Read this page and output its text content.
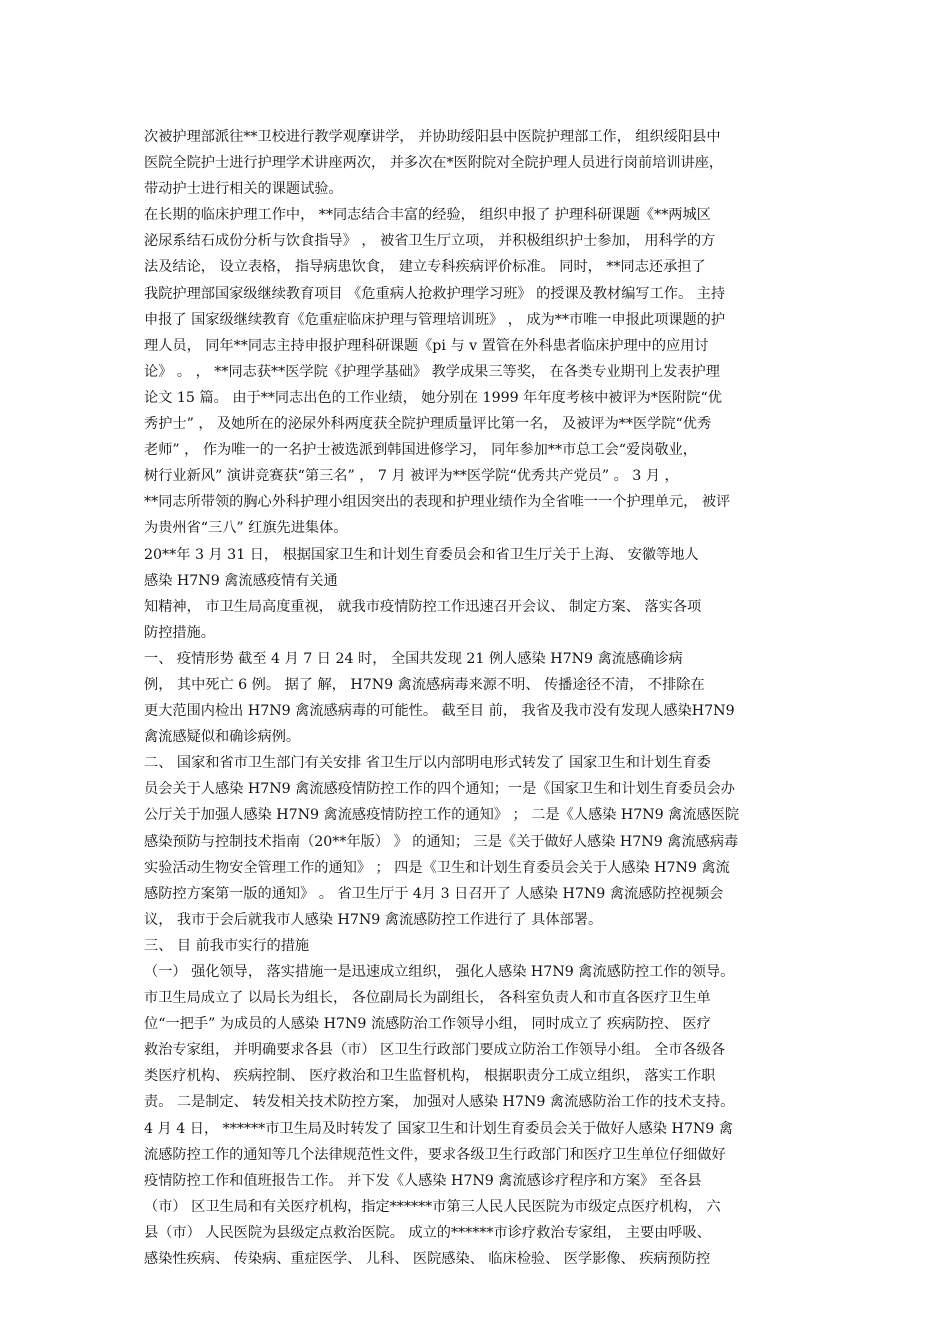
次被护理部派往**卫校进行教学观摩讲学， 并协助绥阳县中医院护理部工作， 组织绥阳县中
医院全院护士进行护理学术讲座两次， 并多次在*医附院对全院护理人员进行岗前培训讲座，
带动护士进行相关的课题试验。
在长期的临床护理工作中， **同志结合丰富的经验， 组织申报了 护理科研课题《**两城区
泌尿系结石成份分析与饮食指导》 ， 被省卫生厅立项， 并积极组织护士参加， 用科学的方
法及结论， 设立表格， 指导病患饮食， 建立专科疾病评价标准。 同时， **同志还承担了
我院护理部国家级继续教育项目 《危重病人抢救护理学习班》 的授课及教材编写工作。 主持
申报了 国家级继续教育《危重症临床护理与管理培训班》 ， 成为**市唯一申报此项课题的护
理人员， 同年**同志主持申报护理科研课题《pi 与 v 置管在外科患者临床护理中的应用讨
论》 。 ， **同志获**医学院《护理学基础》 教学成果三等奖， 在各类专业期刊上发表护理
论文 15 篇。 由于**同志出色的工作业绩， 她分别在 1999 年年度考核中被评为*医附院“优
秀护士” ， 及她所在的泌尿外科两度获全院护理质量评比第一名， 及被评为**医学院“优秀
老师” ， 作为唯一的一名护士被选派到韩国进修学习， 同年参加**市总工会“爱岗敬业，
树行业新风” 演讲竞赛获“第三名” ， 7 月 被评为**医学院“优秀共产党员” 。 3 月 ，
**同志所带领的胸心外科护理小组因突出的表现和护理业绩作为全省唯一一个护理单元， 被评
为贵州省“三八” 红旗先进集体。
20**年 3 月 31 日， 根据国家卫生和计划生育委员会和省卫生厅关于上海、 安徽等地人
感染 H7N9 禽流感疫情有关通
知精神， 市卫生局高度重视， 就我市疫情防控工作迅速召开会议、 制定方案、 落实各项
防控措施。
一、 疫情形势 截至 4 月 7 日 24 时， 全国共发现 21 例人感染 H7N9 禽流感确诊病
例， 其中死亡 6 例。 据了 解， H7N9 禽流感病毒来源不明、 传播途径不清， 不排除在
更大范围内检出 H7N9 禽流感病毒的可能性。 截至目 前， 我省及我市没有发现人感染H7N9
禽流感疑似和确诊病例。
二、 国家和省市卫生部门有关安排 省卫生厅以内部明电形式转发了 国家卫生和计划生育委
员会关于人感染 H7N9 禽流感疫情防控工作的四个通知；一是《国家卫生和计划生育委员会办
公厅关于加强人感染 H7N9 禽流感疫情防控工作的通知》 ； 二是《人感染 H7N9 禽流感医院
感染预防与控制技术指南（20**年版） 》 的通知； 三是《关于做好人感染 H7N9 禽流感病毒
实验活动生物安全管理工作的通知》 ； 四是《卫生和计划生育委员会关于人感染 H7N9 禽流
感防控方案第一版的通知》 。 省卫生厅于 4月 3 日召开了 人感染 H7N9 禽流感防控视频会
议， 我市于会后就我市人感染 H7N9 禽流感防控工作进行了 具体部署。
三、 目 前我市实行的措施
（一） 强化领导， 落实措施一是迅速成立组织， 强化人感染 H7N9 禽流感防控工作的领导。
市卫生局成立了 以局长为组长， 各位副局长为副组长， 各科室负责人和市直各医疗卫生单
位“一把手” 为成员的人感染 H7N9 流感防治工作领导小组， 同时成立了 疾病防控、 医疗
救治专家组， 并明确要求各县（市） 区卫生行政部门要成立防治工作领导小组。 全市各级各
类医疗机构、 疾病控制、 医疗救治和卫生监督机构， 根据职责分工成立组织， 落实工作职
责。 二是制定、 转发相关技术防控方案， 加强对人感染 H7N9 禽流感防治工作的技术支持。
4 月 4 日， ******市卫生局及时转发了 国家卫生和计划生育委员会关于做好人感染 H7N9 禽
流感防控工作的通知等几个法律规范性文件，要求各级卫生行政部门和医疗卫生单位仔细做好
疫情防控工作和值班报告工作。 并下发《人感染 H7N9 禽流感诊疗程序和方案》 至各县
（市） 区卫生局和有关医疗机构，指定******市第三人民人民医院为市级定点医疗机构， 六
县（市） 人民医院为县级定点救治医院。 成立的******市诊疗救治专家组， 主要由呼吸、
感染性疾病、 传染病、重症医学、 儿科、 医院感染、 临床检验、 医学影像、 疾病预防控
